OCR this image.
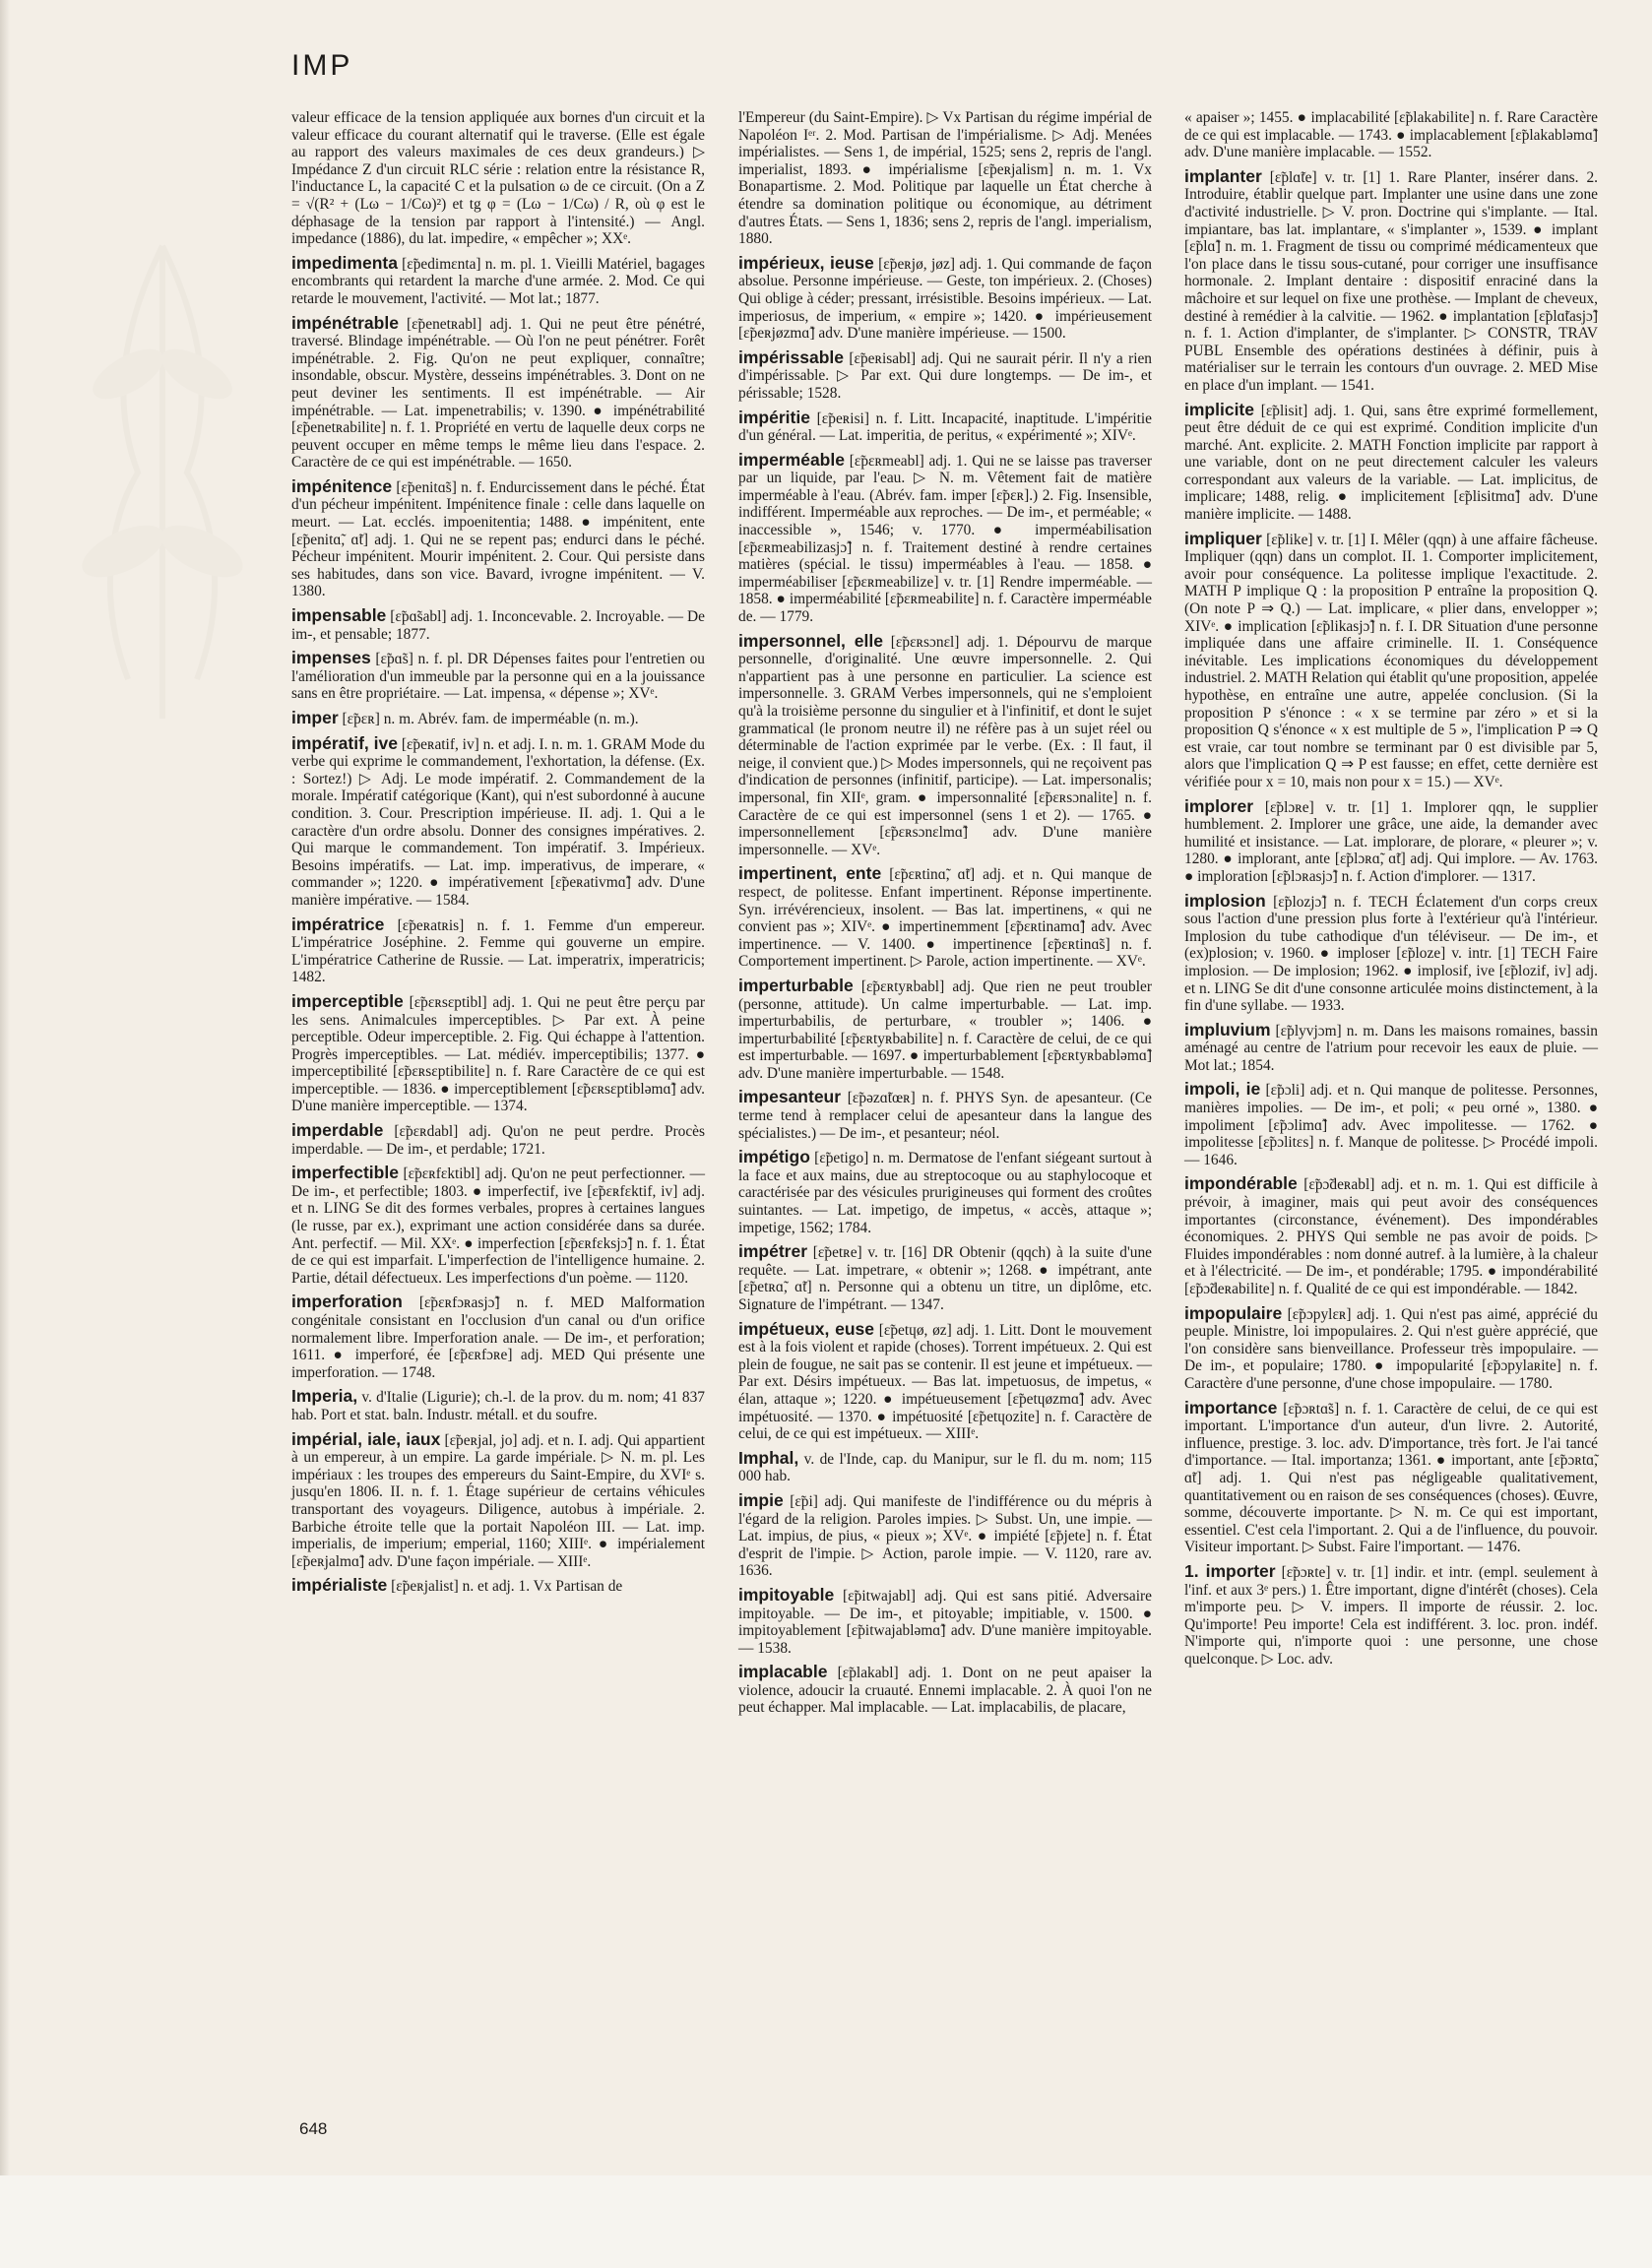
IMP

valeur efficace de la tension appliquée aux bornes d'un circuit et la valeur efficace du courant alternatif qui le traverse. (Elle est égale au rapport des valeurs maximales de ces deux grandeurs.) ▷ Impédance Z d'un circuit RLC série : relation entre la résistance R, l'inductance L, la capacité C et la pulsation ω de ce circuit. (On a Z = √(R² + (Lω − 1/Cω)²) et tg φ = (Lω − 1/Cω) / R, où φ est le déphasage de la tension par rapport à l'intensité.) — Angl. impedance (1886), du lat. impedire, « empêcher »; XXᵉ.

impedimenta [ɛ̃pedimɛnta] n. m. pl. 1. Vieilli Matériel, bagages encombrants qui retardent la marche d'une armée. 2. Mod. Ce qui retarde le mouvement, l'activité. — Mot lat.; 1877.

impénétrable [ɛ̃penetʀabl] adj. 1. Qui ne peut être pénétré, traversé. Blindage impénétrable. — Où l'on ne peut pénétrer. Forêt impénétrable. 2. Fig. Qu'on ne peut expliquer, connaître; insondable, obscur. Mystère, desseins impénétrables. 3. Dont on ne peut deviner les sentiments. Il est impénétrable. — Air impénétrable. — Lat. impenetrabilis; v. 1390. ● impénétrabilité [ɛ̃penetʀabilite] n. f. 1. Propriété en vertu de laquelle deux corps ne peuvent occuper en même temps le même lieu dans l'espace. 2. Caractère de ce qui est impénétrable. — 1650.

impénitence [ɛ̃penitɑ̃s] n. f. Endurcissement dans le péché. État d'un pécheur impénitent. Impénitence finale : celle dans laquelle on meurt. — Lat. ecclés. impoenitentia; 1488. ● impénitent, ente [ɛ̃penitɑ̃, ɑ̃t] adj. 1. Qui ne se repent pas; endurci dans le péché. Pécheur impénitent. Mourir impénitent. 2. Cour. Qui persiste dans ses habitudes, dans son vice. Bavard, ivrogne impénitent. — V. 1380.

impensable [ɛ̃pɑ̃sabl] adj. 1. Inconcevable. 2. Incroyable. — De im-, et pensable; 1877.

impenses [ɛ̃pɑ̃s] n. f. pl. DR Dépenses faites pour l'entretien ou l'amélioration d'un immeuble par la personne qui en a la jouissance sans en être propriétaire. — Lat. impensa, « dépense »; XVᵉ.

imper [ɛ̃pɛʀ] n. m. Abrév. fam. de imperméable (n. m.).

impératif, ive [ɛ̃peʀatif, iv] n. et adj. I. n. m. 1. GRAM Mode du verbe qui exprime le commandement, l'exhortation, la défense. (Ex. : Sortez!) ▷ Adj. Le mode impératif. 2. Commandement de la morale. Impératif catégorique (Kant), qui n'est subordonné à aucune condition. 3. Cour. Prescription impérieuse. II. adj. 1. Qui a le caractère d'un ordre absolu. Donner des consignes impératives. 2. Qui marque le commandement. Ton impératif. 3. Impérieux. Besoins impératifs. — Lat. imp. imperativus, de imperare, « commander »; 1220. ● impérativement [ɛ̃peʀativmɑ̃] adv. D'une manière impérative. — 1584.

impératrice [ɛ̃peʀatʀis] n. f. 1. Femme d'un empereur. L'impératrice Joséphine. 2. Femme qui gouverne un empire. L'impératrice Catherine de Russie. — Lat. imperatrix, imperatricis; 1482.

imperceptible [ɛ̃pɛʀsɛptibl] adj. 1. Qui ne peut être perçu par les sens. Animalcules imperceptibles. ▷ Par ext. À peine perceptible. Odeur imperceptible. 2. Fig. Qui échappe à l'attention. Progrès imperceptibles. — Lat. médiév. imperceptibilis; 1377. ● imperceptibilité [ɛ̃pɛʀsɛptibilite] n. f. Rare Caractère de ce qui est imperceptible. — 1836. ● imperceptiblement [ɛ̃pɛʀsɛptibləmɑ̃] adv. D'une manière imperceptible. — 1374.

imperdable [ɛ̃pɛʀdabl] adj. Qu'on ne peut perdre. Procès imperdable. — De im-, et perdable; 1721.

imperfectible [ɛ̃pɛʀfɛktibl] adj. Qu'on ne peut perfectionner. — De im-, et perfectible; 1803. ● imperfectif, ive [ɛ̃pɛʀfɛktif, iv] adj. et n. LING Se dit des formes verbales, propres à certaines langues (le russe, par ex.), exprimant une action considérée dans sa durée. Ant. perfectif. — Mil. XXᵉ. ● imperfection [ɛ̃pɛʀfɛksjɔ̃] n. f. 1. État de ce qui est imparfait. L'imperfection de l'intelligence humaine. 2. Partie, détail défectueux. Les imperfections d'un poème. — 1120.

imperforation [ɛ̃pɛʀfɔʀasjɔ̃] n. f. MED Malformation congénitale consistant en l'occlusion d'un canal ou d'un orifice normalement libre. Imperforation anale. — De im-, et perforation; 1611. ● imperforé, ée [ɛ̃pɛʀfɔʀe] adj. MED Qui présente une imperforation. — 1748.

Imperia, v. d'Italie (Ligurie); ch.-l. de la prov. du m. nom; 41 837 hab. Port et stat. baln. Industr. métall. et du soufre.

impérial, iale, iaux [ɛ̃peʀjal, jo] adj. et n. I. adj. Qui appartient à un empereur, à un empire. La garde impériale. ▷ N. m. pl. Les impériaux : les troupes des empereurs du Saint-Empire, du XVIᵉ s. jusqu'en 1806. II. n. f. 1. Étage supérieur de certains véhicules transportant des voyageurs. Diligence, autobus à impériale. 2. Barbiche étroite telle que la portait Napoléon III. — Lat. imp. imperialis, de imperium; emperial, 1160; XIIIᵉ. ● impérialement [ɛ̃peʀjalmɑ̃] adv. D'une façon impériale. — XIIIᵉ.

impérialiste [ɛ̃peʀjalist] n. et adj. 1. Vx Partisan de

l'Empereur (du Saint-Empire). ▷ Vx Partisan du régime impérial de Napoléon Iᵉʳ. 2. Mod. Partisan de l'impérialisme. ▷ Adj. Menées impérialistes. — Sens 1, de impérial, 1525; sens 2, repris de l'angl. imperialist, 1893. ● impérialisme [ɛ̃peʀjalism] n. m. 1. Vx Bonapartisme. 2. Mod. Politique par laquelle un État cherche à étendre sa domination politique ou économique, au détriment d'autres États. — Sens 1, 1836; sens 2, repris de l'angl. imperialism, 1880.

impérieux, ieuse [ɛ̃peʀjø, jøz] adj. 1. Qui commande de façon absolue. Personne impérieuse. — Geste, ton impérieux. 2. (Choses) Qui oblige à céder; pressant, irrésistible. Besoins impérieux. — Lat. imperiosus, de imperium, « empire »; 1420. ● impérieusement [ɛ̃peʀjøzmɑ̃] adv. D'une manière impérieuse. — 1500.

impérissable [ɛ̃peʀisabl] adj. Qui ne saurait périr. Il n'y a rien d'impérissable. ▷ Par ext. Qui dure longtemps. — De im-, et périssable; 1528.

impéritie [ɛ̃peʀisi] n. f. Litt. Incapacité, inaptitude. L'impéritie d'un général. — Lat. imperitia, de peritus, « expérimenté »; XIVᵉ.

imperméable [ɛ̃pɛʀmeabl] adj. 1. Qui ne se laisse pas traverser par un liquide, par l'eau. ▷ N. m. Vêtement fait de matière imperméable à l'eau. (Abrév. fam. imper [ɛ̃pɛʀ].) 2. Fig. Insensible, indifférent. Imperméable aux reproches. — De im-, et perméable; « inaccessible », 1546; v. 1770. ● imperméabilisation [ɛ̃pɛʀmeabilizasjɔ̃] n. f. Traitement destiné à rendre certaines matières (spécial. le tissu) imperméables à l'eau. — 1858. ● imperméabiliser [ɛ̃pɛʀmeabilize] v. tr. [1] Rendre imperméable. — 1858. ● imperméabilité [ɛ̃pɛʀmeabilite] n. f. Caractère imperméable de. — 1779.

impersonnel, elle [ɛ̃pɛʀsɔnɛl] adj. 1. Dépourvu de marque personnelle, d'originalité. Une œuvre impersonnelle. 2. Qui n'appartient pas à une personne en particulier. La science est impersonnelle. 3. GRAM Verbes impersonnels, qui ne s'emploient qu'à la troisième personne du singulier et à l'infinitif, et dont le sujet grammatical (le pronom neutre il) ne réfère pas à un sujet réel ou déterminable de l'action exprimée par le verbe. (Ex. : Il faut, il neige, il convient que.) ▷ Modes impersonnels, qui ne reçoivent pas d'indication de personnes (infinitif, participe). — Lat. impersonalis; impersonal, fin XIIᵉ, gram. ● impersonnalité [ɛ̃pɛʀsɔnalite] n. f. Caractère de ce qui est impersonnel (sens 1 et 2). — 1765. ● impersonnellement [ɛ̃pɛʀsɔnɛlmɑ̃] adv. D'une manière impersonnelle. — XVᵉ.

impertinent, ente [ɛ̃pɛʀtinɑ̃, ɑ̃t] adj. et n. Qui manque de respect, de politesse. Enfant impertinent. Réponse impertinente. Syn. irrévérencieux, insolent. — Bas lat. impertinens, « qui ne convient pas »; XIVᵉ. ● impertinemment [ɛ̃pɛʀtinamɑ̃] adv. Avec impertinence. — V. 1400. ● impertinence [ɛ̃pɛʀtinɑ̃s] n. f. Comportement impertinent. ▷ Parole, action impertinente. — XVᵉ.

imperturbable [ɛ̃pɛʀtyʀbabl] adj. Que rien ne peut troubler (personne, attitude). Un calme imperturbable. — Lat. imp. imperturbabilis, de perturbare, « troubler »; 1406. ● imperturbabilité [ɛ̃pɛʀtyʀbabilite] n. f. Caractère de celui, de ce qui est imperturbable. — 1697. ● imperturbablement [ɛ̃pɛʀtyʀbabləmɑ̃] adv. D'une manière imperturbable. — 1548.

impesanteur [ɛ̃pəzɑ̃tœʀ] n. f. PHYS Syn. de apesanteur. (Ce terme tend à remplacer celui de apesanteur dans la langue des spécialistes.) — De im-, et pesanteur; néol.

impétigo [ɛ̃petigo] n. m. Dermatose de l'enfant siégeant surtout à la face et aux mains, due au streptocoque ou au staphylocoque et caractérisée par des vésicules prurigineuses qui forment des croûtes suintantes. — Lat. impetigo, de impetus, « accès, attaque »; impetige, 1562; 1784.

impétrer [ɛ̃petʀe] v. tr. [16] DR Obtenir (qqch) à la suite d'une requête. — Lat. impetrare, « obtenir »; 1268. ● impétrant, ante [ɛ̃petʀɑ̃, ɑ̃t] n. Personne qui a obtenu un titre, un diplôme, etc. Signature de l'impétrant. — 1347.

impétueux, euse [ɛ̃petɥø, øz] adj. 1. Litt. Dont le mouvement est à la fois violent et rapide (choses). Torrent impétueux. 2. Qui est plein de fougue, ne sait pas se contenir. Il est jeune et impétueux. — Par ext. Désirs impétueux. — Bas lat. impetuosus, de impetus, « élan, attaque »; 1220. ● impétueusement [ɛ̃petɥøzmɑ̃] adv. Avec impétuosité. — 1370. ● impétuosité [ɛ̃petɥozite] n. f. Caractère de celui, de ce qui est impétueux. — XIIIᵉ.

Imphal, v. de l'Inde, cap. du Manipur, sur le fl. du m. nom; 115 000 hab.

impie [ɛ̃pi] adj. Qui manifeste de l'indifférence ou du mépris à l'égard de la religion. Paroles impies. ▷ Subst. Un, une impie. — Lat. impius, de pius, « pieux »; XVᵉ. ● impiété [ɛ̃pjete] n. f. État d'esprit de l'impie. ▷ Action, parole impie. — V. 1120, rare av. 1636.

impitoyable [ɛ̃pitwajabl] adj. Qui est sans pitié. Adversaire impitoyable. — De im-, et pitoyable; impitiable, v. 1500. ● impitoyablement [ɛ̃pitwajabləmɑ̃] adv. D'une manière impitoyable. — 1538.

implacable [ɛ̃plakabl] adj. 1. Dont on ne peut apaiser la violence, adoucir la cruauté. Ennemi implacable. 2. À quoi l'on ne peut échapper. Mal implacable. — Lat. implacabilis, de placare,

« apaiser »; 1455. ● implacabilité [ɛ̃plakabilite] n. f. Rare Caractère de ce qui est implacable. — 1743. ● implacablement [ɛ̃plakabləmɑ̃] adv. D'une manière implacable. — 1552.

implanter [ɛ̃plɑ̃te] v. tr. [1] 1. Rare Planter, insérer dans. 2. Introduire, établir quelque part. Implanter une usine dans une zone d'activité industrielle. ▷ V. pron. Doctrine qui s'implante. — Ital. impiantare, bas lat. implantare, « s'implanter », 1539. ● implant [ɛ̃plɑ̃] n. m. 1. Fragment de tissu ou comprimé médicamenteux que l'on place dans le tissu sous-cutané, pour corriger une insuffisance hormonale. 2. Implant dentaire : dispositif enraciné dans la mâchoire et sur lequel on fixe une prothèse. — Implant de cheveux, destiné à remédier à la calvitie. — 1962. ● implantation [ɛ̃plɑ̃tasjɔ̃] n. f. 1. Action d'implanter, de s'implanter. ▷ CONSTR, TRAV PUBL Ensemble des opérations destinées à définir, puis à matérialiser sur le terrain les contours d'un ouvrage. 2. MED Mise en place d'un implant. — 1541.

implicite [ɛ̃plisit] adj. 1. Qui, sans être exprimé formellement, peut être déduit de ce qui est exprimé. Condition implicite d'un marché. Ant. explicite. 2. MATH Fonction implicite par rapport à une variable, dont on ne peut directement calculer les valeurs correspondant aux valeurs de la variable. — Lat. implicitus, de implicare; 1488, relig. ● implicitement [ɛ̃plisitmɑ̃] adv. D'une manière implicite. — 1488.

impliquer [ɛ̃plike] v. tr. [1] I. Mêler (qqn) à une affaire fâcheuse. Impliquer (qqn) dans un complot. II. 1. Comporter implicitement, avoir pour conséquence. La politesse implique l'exactitude. 2. MATH P implique Q : la proposition P entraîne la proposition Q. (On note P ⇒ Q.) — Lat. implicare, « plier dans, envelopper »; XIVᵉ. ● implication [ɛ̃plikasjɔ̃] n. f. I. DR Situation d'une personne impliquée dans une affaire criminelle. II. 1. Conséquence inévitable. Les implications économiques du développement industriel. 2. MATH Relation qui établit qu'une proposition, appelée hypothèse, en entraîne une autre, appelée conclusion. (Si la proposition P s'énonce : « x se termine par zéro » et si la proposition Q s'énonce « x est multiple de 5 », l'implication P ⇒ Q est vraie, car tout nombre se terminant par 0 est divisible par 5, alors que l'implication Q ⇒ P est fausse; en effet, cette dernière est vérifiée pour x = 10, mais non pour x = 15.) — XVᵉ.

implorer [ɛ̃plɔʀe] v. tr. [1] 1. Implorer qqn, le supplier humblement. 2. Implorer une grâce, une aide, la demander avec humilité et insistance. — Lat. implorare, de plorare, « pleurer »; v. 1280. ● implorant, ante [ɛ̃plɔʀɑ̃, ɑ̃t] adj. Qui implore. — Av. 1763. ● imploration [ɛ̃plɔʀasjɔ̃] n. f. Action d'implorer. — 1317.

implosion [ɛ̃plozjɔ̃] n. f. TECH Éclatement d'un corps creux sous l'action d'une pression plus forte à l'extérieur qu'à l'intérieur. Implosion du tube cathodique d'un téléviseur. — De im-, et (ex)plosion; v. 1960. ● imploser [ɛ̃ploze] v. intr. [1] TECH Faire implosion. — De implosion; 1962. ● implosif, ive [ɛ̃plozif, iv] adj. et n. LING Se dit d'une consonne articulée moins distinctement, à la fin d'une syllabe. — 1933.

impluvium [ɛ̃plyvjɔm] n. m. Dans les maisons romaines, bassin aménagé au centre de l'atrium pour recevoir les eaux de pluie. — Mot lat.; 1854.

impoli, ie [ɛ̃pɔli] adj. et n. Qui manque de politesse. Personnes, manières impolies. — De im-, et poli; « peu orné », 1380. ● impoliment [ɛ̃pɔlimɑ̃] adv. Avec impolitesse. — 1762. ● impolitesse [ɛ̃pɔlitɛs] n. f. Manque de politesse. ▷ Procédé impoli. — 1646.

impondérable [ɛ̃pɔ̃deʀabl] adj. et n. m. 1. Qui est difficile à prévoir, à imaginer, mais qui peut avoir des conséquences importantes (circonstance, événement). Des impondérables économiques. 2. PHYS Qui semble ne pas avoir de poids. ▷ Fluides impondérables : nom donné autref. à la lumière, à la chaleur et à l'électricité. — De im-, et pondérable; 1795. ● impondérabilité [ɛ̃pɔ̃deʀabilite] n. f. Qualité de ce qui est impondérable. — 1842.

impopulaire [ɛ̃pɔpylɛʀ] adj. 1. Qui n'est pas aimé, apprécié du peuple. Ministre, loi impopulaires. 2. Qui n'est guère apprécié, que l'on considère sans bienveillance. Professeur très impopulaire. — De im-, et populaire; 1780. ● impopularité [ɛ̃pɔpylaʀite] n. f. Caractère d'une personne, d'une chose impopulaire. — 1780.

importance [ɛ̃pɔʀtɑ̃s] n. f. 1. Caractère de celui, de ce qui est important. L'importance d'un auteur, d'un livre. 2. Autorité, influence, prestige. 3. loc. adv. D'importance, très fort. Je l'ai tancé d'importance. — Ital. importanza; 1361. ● important, ante [ɛ̃pɔʀtɑ̃, ɑ̃t] adj. 1. Qui n'est pas négligeable qualitativement, quantitativement ou en raison de ses conséquences (choses). Œuvre, somme, découverte importante. ▷ N. m. Ce qui est important, essentiel. C'est cela l'important. 2. Qui a de l'influence, du pouvoir. Visiteur important. ▷ Subst. Faire l'important. — 1476.

1. importer [ɛ̃pɔʀte] v. tr. [1] indir. et intr. (empl. seulement à l'inf. et aux 3ᵉ pers.) 1. Être important, digne d'intérêt (choses). Cela m'importe peu. ▷ V. impers. Il importe de réussir. 2. loc. Qu'importe! Peu importe! Cela est indifférent. 3. loc. pron. indéf. N'importe qui, n'importe quoi : une personne, une chose quelconque. ▷ Loc. adv.

648
